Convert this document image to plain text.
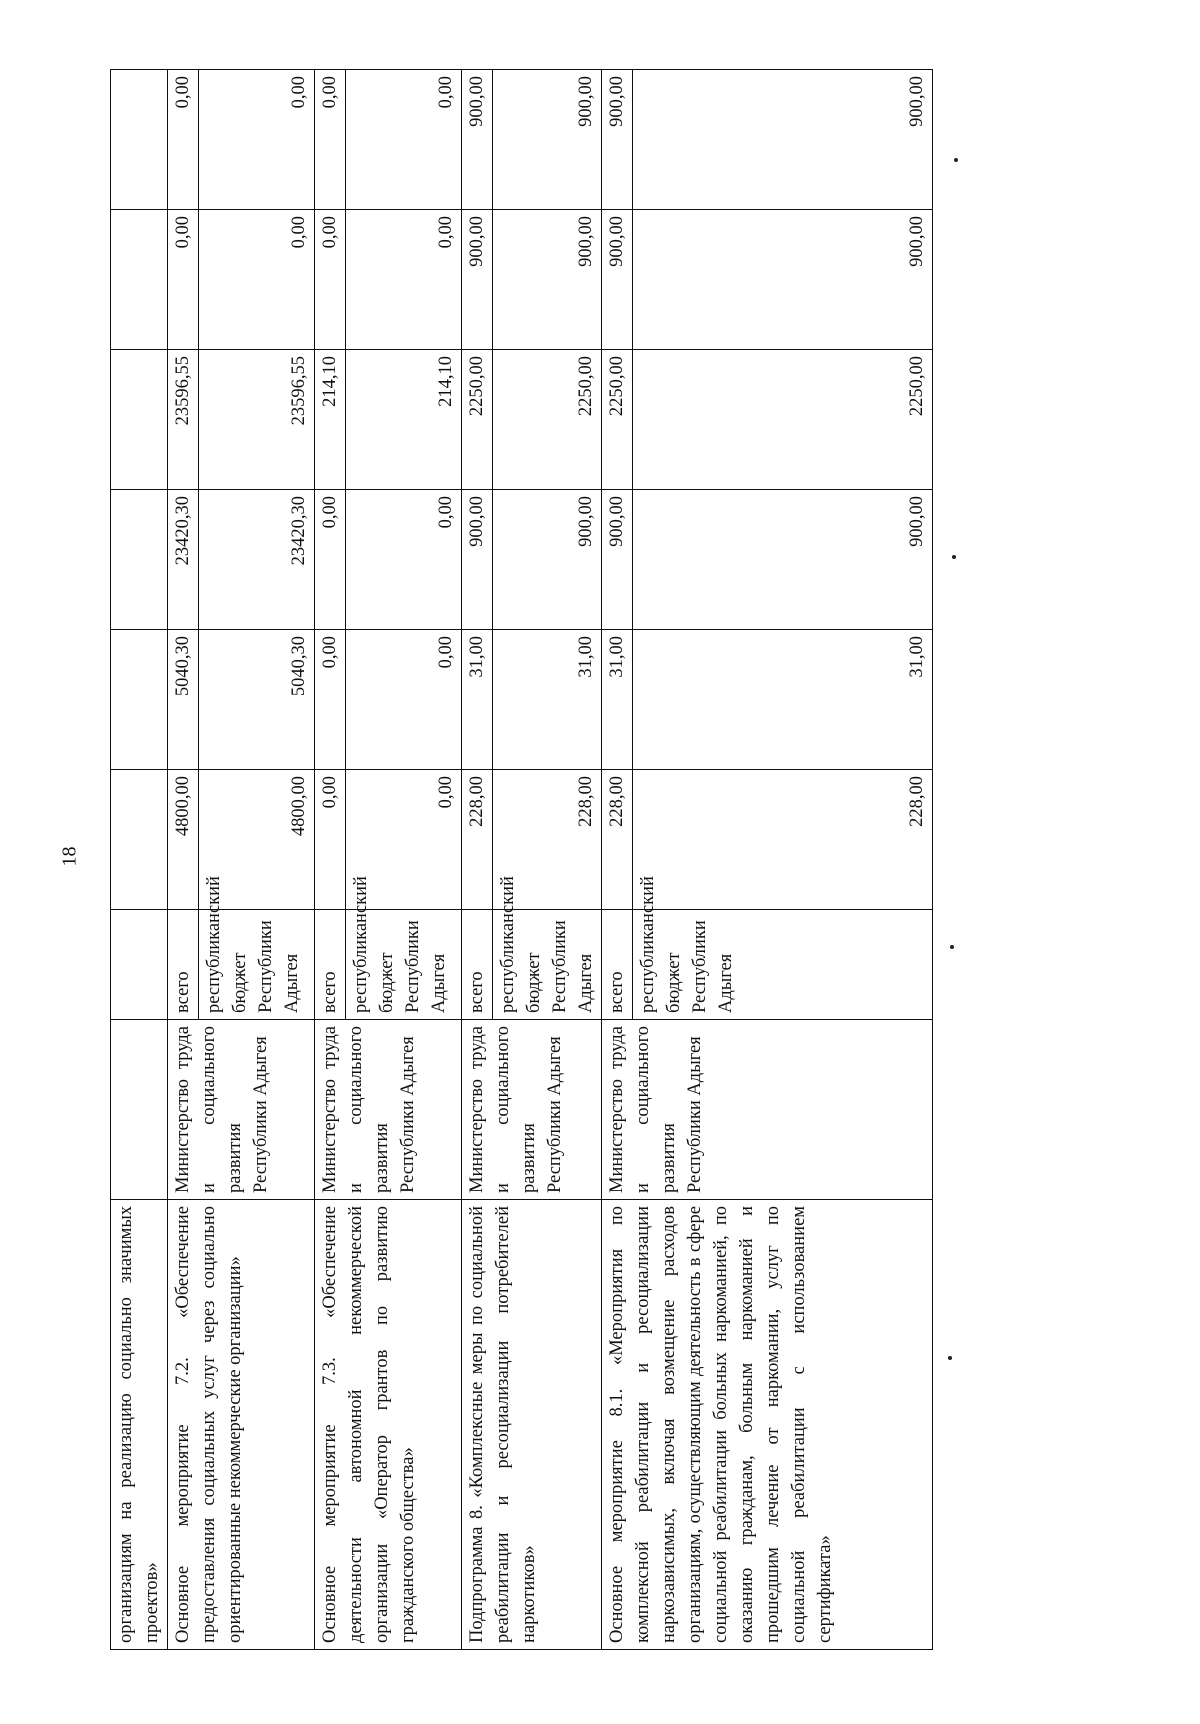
18
организациям на реализацию социально значимых проектов»								
Основное мероприятие 7.2. «Обеспечение предоставления социальных услуг через социально ориентированные некоммерческие организации»	Министерство труда и социального развития Республики Адыгея	всего	4800,00	5040,30	23420,30	23596,55	0,00	0,00
		республиканский бюджет Республики Адыгея	4800,00	5040,30	23420,30	23596,55	0,00	0,00
Основное мероприятие 7.3. «Обеспечение деятельности автономной некоммерческой организации «Оператор грантов по развитию гражданского общества»	Министерство труда и социального развития Республики Адыгея	всего	0,00	0,00	0,00	214,10	0,00	0,00
		республиканский бюджет Республики Адыгея	0,00	0,00	0,00	214,10	0,00	0,00
Подпрограмма 8. «Комплексные меры по социальной реабилитации и ресоциализации потребителей наркотиков»	Министерство труда и социального развития Республики Адыгея	всего	228,00	31,00	900,00	2250,00	900,00	900,00
		республиканский бюджет Республики Адыгея	228,00	31,00	900,00	2250,00	900,00	900,00
Основное мероприятие 8.1. «Мероприятия по комплексной реабилитации и ресоциализации наркозависимых, включая возмещение расходов организациям, осуществляющим деятельность в сфере социальной реабилитации больных наркоманией, по оказанию гражданам, больным наркоманией и прошедшим лечение от наркомании, услуг по социальной реабилитации с использованием сертификата»	Министерство труда и социального развития Республики Адыгея	всего	228,00	31,00	900,00	2250,00	900,00	900,00
		республиканский бюджет Республики Адыгея	228,00	31,00	900,00	2250,00	900,00	900,00
